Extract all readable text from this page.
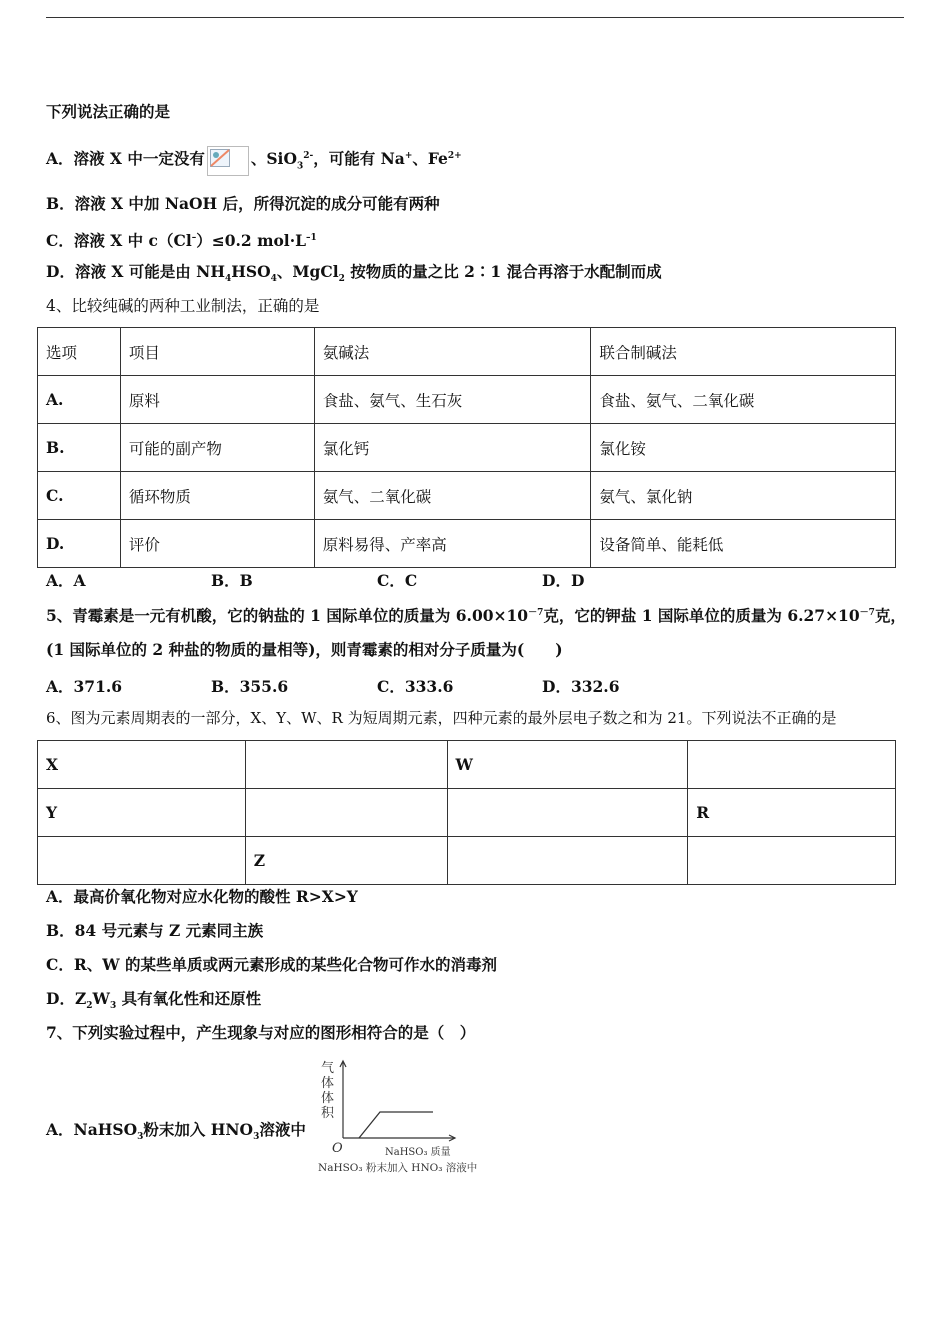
下列说法正确的是
A．溶液 X 中一定没有	、SiO$_3^{2-}$，可能有 Na+、$Fe^{2+}$
B．溶液 X 中加 NaOH 后，所得沉淀的成分可能有两种
C．溶液 X 中 c（Cl–）≤0.2 $mol\cdot L^{-1}$
D．溶液 X 可能是由 $NH_4HSO_4$、MgCl$_2$ 按物质的量之比 2∶1 混合再溶于水配制而成
4、比较纯碱的两种工业制法，正确的是
选项	项目	氨碱法	联合制碱法
A.	原料	食盐、氨气、生石灰	食盐、氨气、二氧化碳
B.	可能的副产物	氯化钙	氯化铵
C.	循环物质	氨气、二氧化碳	氨气、氯化钠
D.	评价	原料易得、产率高	设备简单、能耗低
A．A	B．B	C．C	D．D
5、青霉素是一元有机酸，它的钠盐的 1 国际单位的质量为 $6.00\times 10^{-7}$克，它的钾盐 1 国际单位的质量为 $6.27\times 10^{-7}$克，
(1 国际单位的 2 种盐的物质的量相等)，则青霉素的相对分子质量为(　　)
A．371.6	B．355.6	C．333.6	D．332.6
6、图为元素周期表的一部分，X、Y、W、R 为短周期元素，四种元素的最外层电子数之和为 21。下列说法不正确的是
X		W	
Y			R
	Z		
A．最高价氧化物对应水化物的酸性 R>X>Y
B．84 号元素与 Z 元素同主族
C．R、W 的某些单质或两元素形成的某些化合物可作水的消毒剂
D．$Z_2W_3$ 具有氧化性和还原性
7、下列实验过程中，产生现象与对应的图形相符合的是（　）
A．NaHSO$_3$粉末加入 $HNO_3$溶液中
气
体
体
积
O	NaHSO₃ 质量
NaHSO₃ 粉末加入 HNO₃ 溶液中
